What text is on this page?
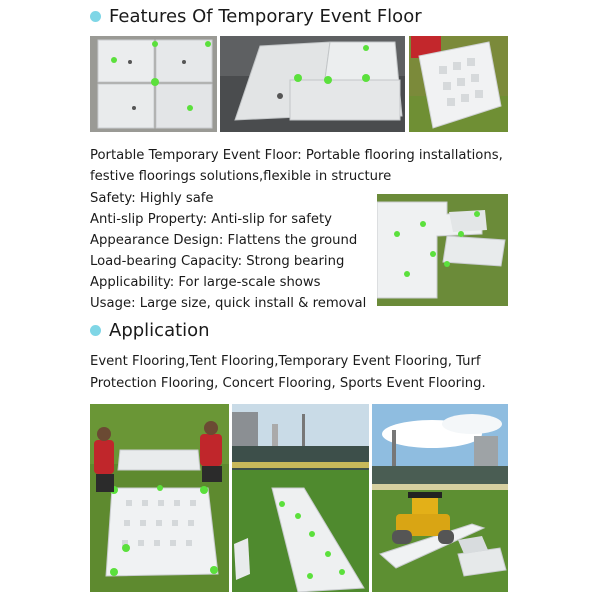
Features Of Temporary Event Floor
Portable Temporary Event Floor: Portable flooring installations,
festive floorings solutions,flexible in structure
Safety: Highly safe
Anti-slip Property: Anti-slip for safety
Appearance Design: Flattens the ground
Load-bearing Capacity: Strong bearing
Applicability: For large-scale shows
Usage: Large size, quick install & removal
Application
Event Flooring,Tent Flooring,Temporary Event Flooring, Turf
Protection Flooring, Concert Flooring, Sports Event Flooring.
